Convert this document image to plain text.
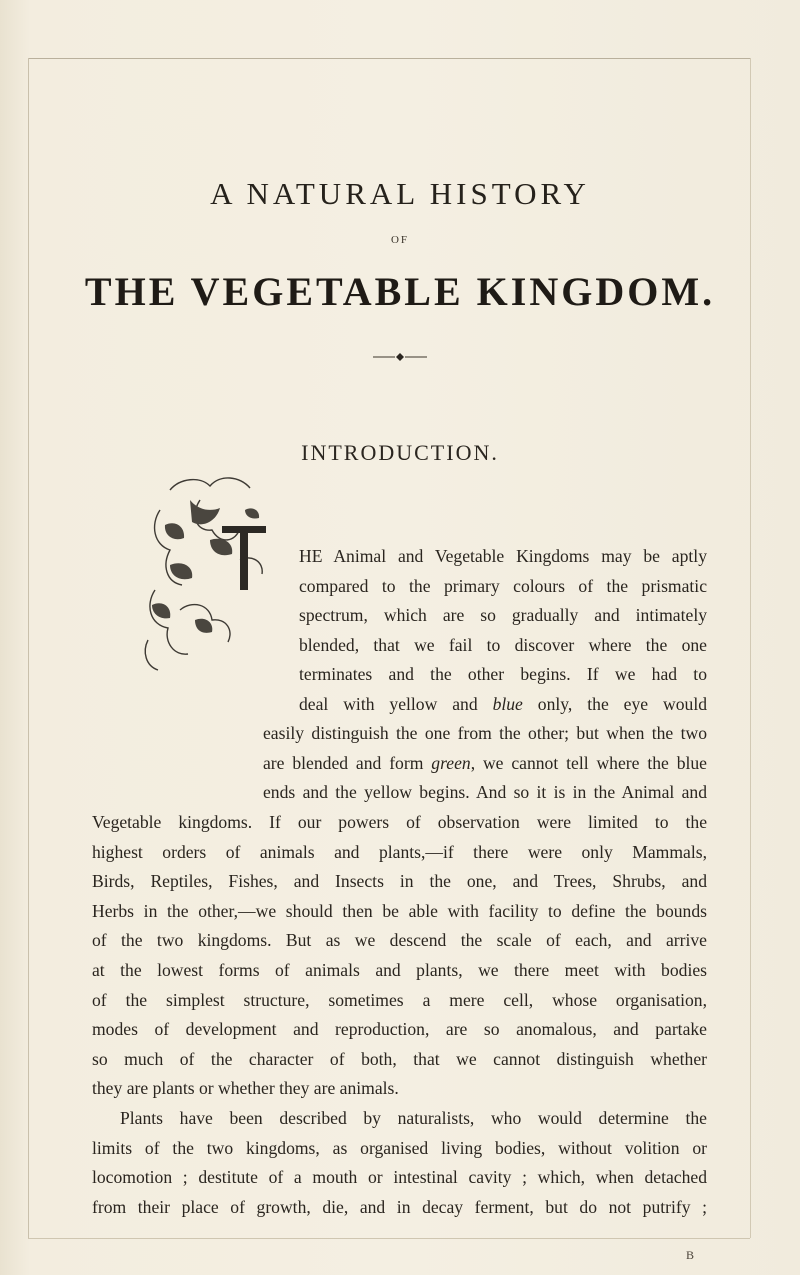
A NATURAL HISTORY
OF
THE VEGETABLE KINGDOM.
INTRODUCTION.
HE Animal and Vegetable Kingdoms may be aptly
compared to the primary colours of the prismatic
spectrum, which are so gradually and intimately
blended, that we fail to discover where the one
terminates and the other begins. If we had to
deal with yellow and blue only, the eye would
easily distinguish the one from the other; but when the two
are blended and form green, we cannot tell where the blue
ends and the yellow begins. And so it is in the Animal and
Vegetable kingdoms. If our powers of observation were limited to the
highest orders of animals and plants,—if there were only Mammals,
Birds, Reptiles, Fishes, and Insects in the one, and Trees, Shrubs, and
Herbs in the other,—we should then be able with facility to define the bounds
of the two kingdoms. But as we descend the scale of each, and arrive
at the lowest forms of animals and plants, we there meet with bodies
of the simplest structure, sometimes a mere cell, whose organisation,
modes of development and reproduction, are so anomalous, and partake
so much of the character of both, that we cannot distinguish whether
they are plants or whether they are animals.
Plants have been described by naturalists, who would determine the
limits of the two kingdoms, as organised living bodies, without volition or
locomotion ; destitute of a mouth or intestinal cavity ; which, when detached
from their place of growth, die, and in decay ferment, but do not putrify ;
B
